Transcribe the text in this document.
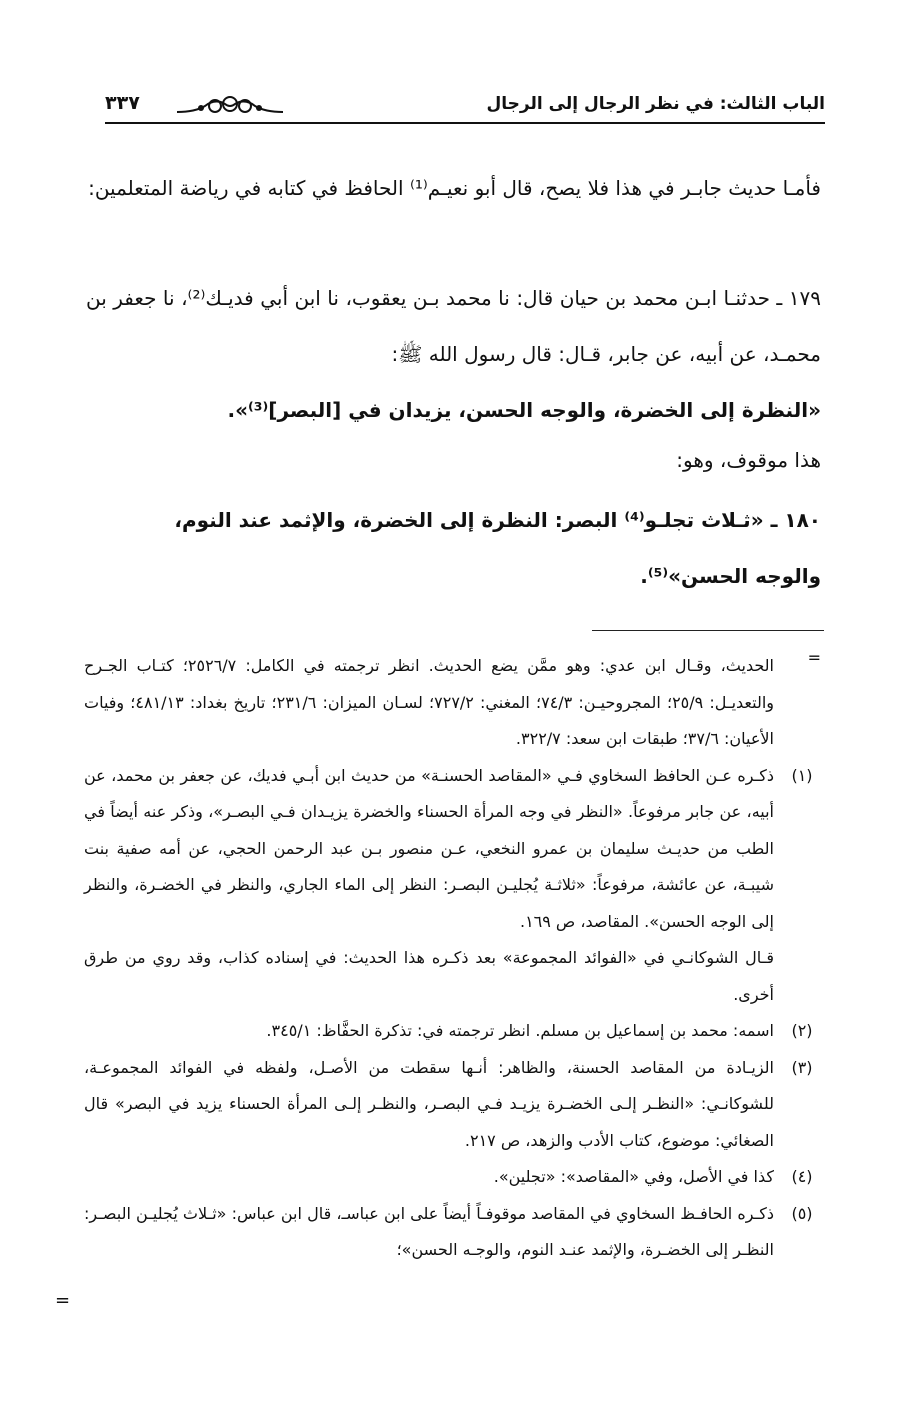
الباب الثالث: في نظر الرجال إلى الرجال
٣٣٧

فأمـا حديث جابـر في هذا فلا يصح، قال أبو نعيـم⁽¹⁾ الحافظ في كتابه في رياضة المتعلمين:

١٧٩ ـ حدثنـا ابـن محمد بن حيان قال: نا محمد بـن يعقوب، نا ابن أبي فديـك⁽²⁾، نا جعفر بن محمـد، عن أبيه، عن جابر، قـال: قال رسول الله ﷺ:

«النظرة إلى الخضرة، والوجه الحسن، يزيدان في [البصر]⁽³⁾».

هذا موقوف، وهو:

١٨٠ ـ «ثـلاث تجلـو⁽⁴⁾ البصر: النظرة إلى الخضرة، والإثمد عند النوم،

والوجه الحسن»⁽⁵⁾.

=

الحديث، وقـال ابن عدي: وهو ممَّن يضع الحديث. انظر ترجمته في الكامل: ٢٥٢٦/٧؛ كتـاب الجـرح والتعديـل: ٢٥/٩؛ المجروحيـن: ٧٤/٣؛ المغني: ٧٢٧/٢؛ لسـان الميزان: ٢٣١/٦؛ تاريخ بغداد: ٤٨١/١٣؛ وفيات الأعيان: ٣٧/٦؛ طبقات ابن سعد: ٣٢٢/٧.

(١)

ذكـره عـن الحافظ السخاوي فـي «المقاصد الحسنـة» من حديث ابن أبـي فديك، عن جعفر بن محمد، عن أبيه، عن جابر مرفوعاً. «النظر في وجه المرأة الحسناء والخضرة يزيـدان فـي البصـر»، وذكر عنه أيضاً في الطب من حديـث سليمان بن عمرو النخعي، عـن منصور بـن عبد الرحمن الحجي، عن أمه صفية بنت شيبـة، عن عائشة، مرفوعاً: «ثلاثـة يُجليـن البصـر: النظر إلى الماء الجاري، والنظر في الخضـرة، والنظر إلى الوجه الحسن». المقاصد، ص ١٦٩.

قـال الشوكانـي في «الفوائد المجموعة» بعد ذكـره هذا الحديث: في إسناده كذاب، وقد روي من طرق أخرى.

(٢)

اسمه: محمد بن إسماعيل بن مسلم. انظر ترجمته في: تذكرة الحفَّاظ: ٣٤٥/١.

(٣)

الزيـادة من المقاصد الحسنة، والظاهر: أنـها سقطت من الأصـل، ولفظه في الفوائد المجموعـة، للشوكانـي: «النظـر إلـى الخضـرة يزيـد فـي البصـر، والنظـر إلـى المرأة الحسناء يزيد في البصر» قال الصغائي: موضوع، كتاب الأدب والزهد، ص ٢١٧.

(٤)

كذا في الأصل، وفي «المقاصد»: «تجلين».

(٥)

ذكـره الحافـظ السخاوي في المقاصد موقوفـاً أيضاً على ابن عباسـ، قال ابن عباس: «ثـلاث يُجليـن البصـر: النظـر إلى الخضـرة، والإثمد عنـد النوم، والوجـه الحسن»؛

=
